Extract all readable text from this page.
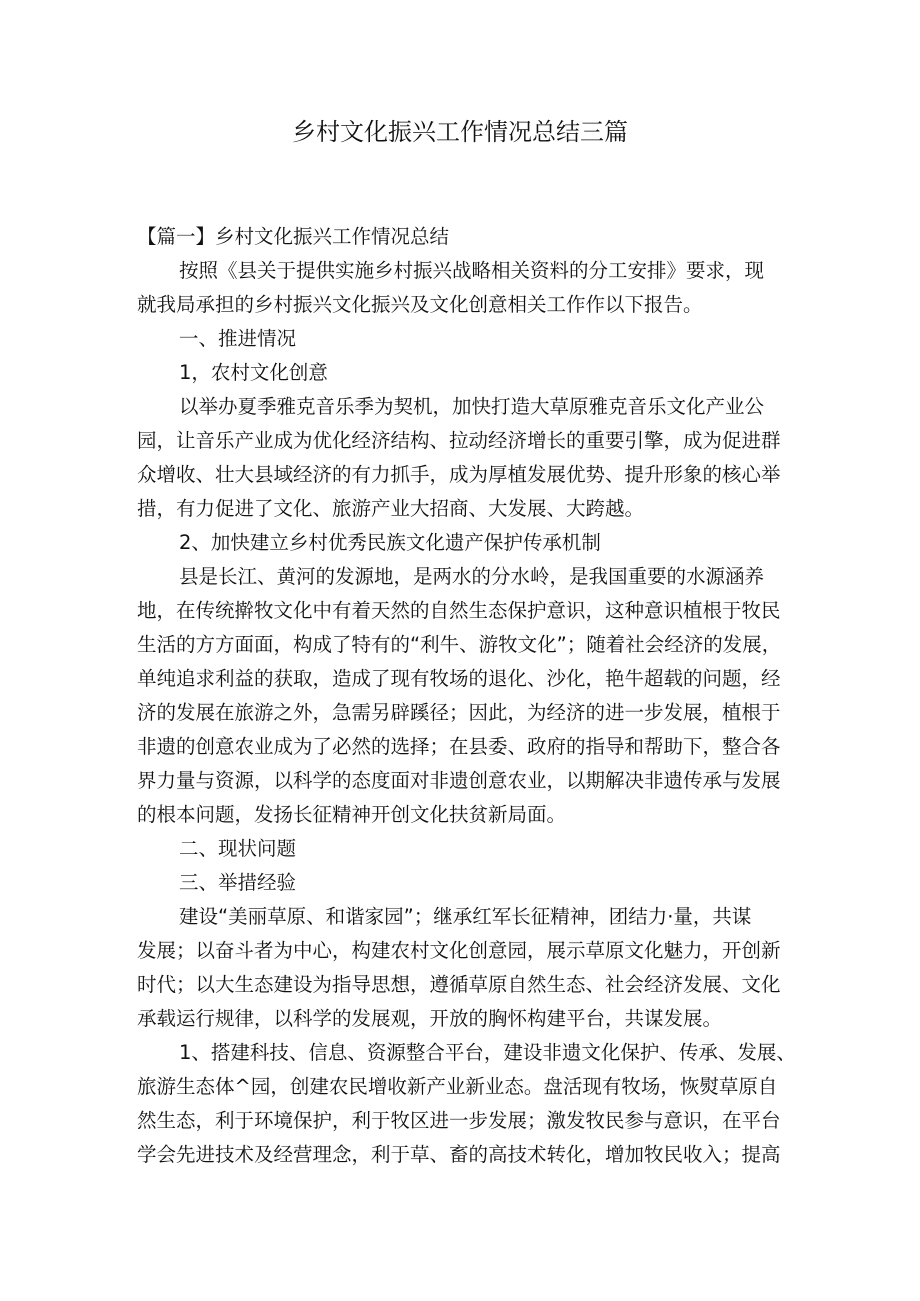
乡村文化振兴工作情况总结三篇
【篇一】乡村文化振兴工作情况总结
按照《县关于提供实施乡村振兴战略相关资料的分工安排》要求，现
就我局承担的乡村振兴文化振兴及文化创意相关工作作以下报告。
一、推进情况
1，农村文化创意
以举办夏季雅克音乐季为契机，加快打造大草原雅克音乐文化产业公
园，让音乐产业成为优化经济结构、拉动经济增长的重要引擎，成为促进群
众增收、壮大县域经济的有力抓手，成为厚植发展优势、提升形象的核心举
措，有力促进了文化、旅游产业大招商、大发展、大跨越。
2、加快建立乡村优秀民族文化遗产保护传承机制
县是长江、黄河的发源地，是两水的分水岭，是我国重要的水源涵养
地，在传统擀牧文化中有着天然的自然生态保护意识，这种意识植根于牧民
生活的方方面面，构成了特有的“利牛、游牧文化”；随着社会经济的发展，
单纯追求利益的获取，造成了现有牧场的退化、沙化，艳牛超载的问题，经
济的发展在旅游之外，急需另辟蹊径；因此，为经济的进一步发展，植根于
非遗的创意农业成为了必然的选择；在县委、政府的指导和帮助下，整合各
界力量与资源，以科学的态度面对非遗创意农业，以期解决非遗传承与发展
的根本问题，发扬长征精神开创文化扶贫新局面。
二、现状问题
三、举措经验
建设“美丽草原、和谐家园”；继承红军长征精神，团结力·量，共谋
发展；以奋斗者为中心，构建农村文化创意园，展示草原文化魅力，开创新
时代；以大生态建设为指导思想，遵循草原自然生态、社会经济发展、文化
承载运行规律，以科学的发展观，开放的胸怀构建平台，共谋发展。
1、搭建科技、信息、资源整合平台，建设非遗文化保护、传承、发展、
旅游生态体^园，创建农民增收新产业新业态。盘活现有牧场，恢熨草原自
然生态，利于环境保护，利于牧区进一步发展；激发牧民参与意识，在平台
学会先进技术及经营理念，利于草、畜的高技术转化，增加牧民收入；提高
